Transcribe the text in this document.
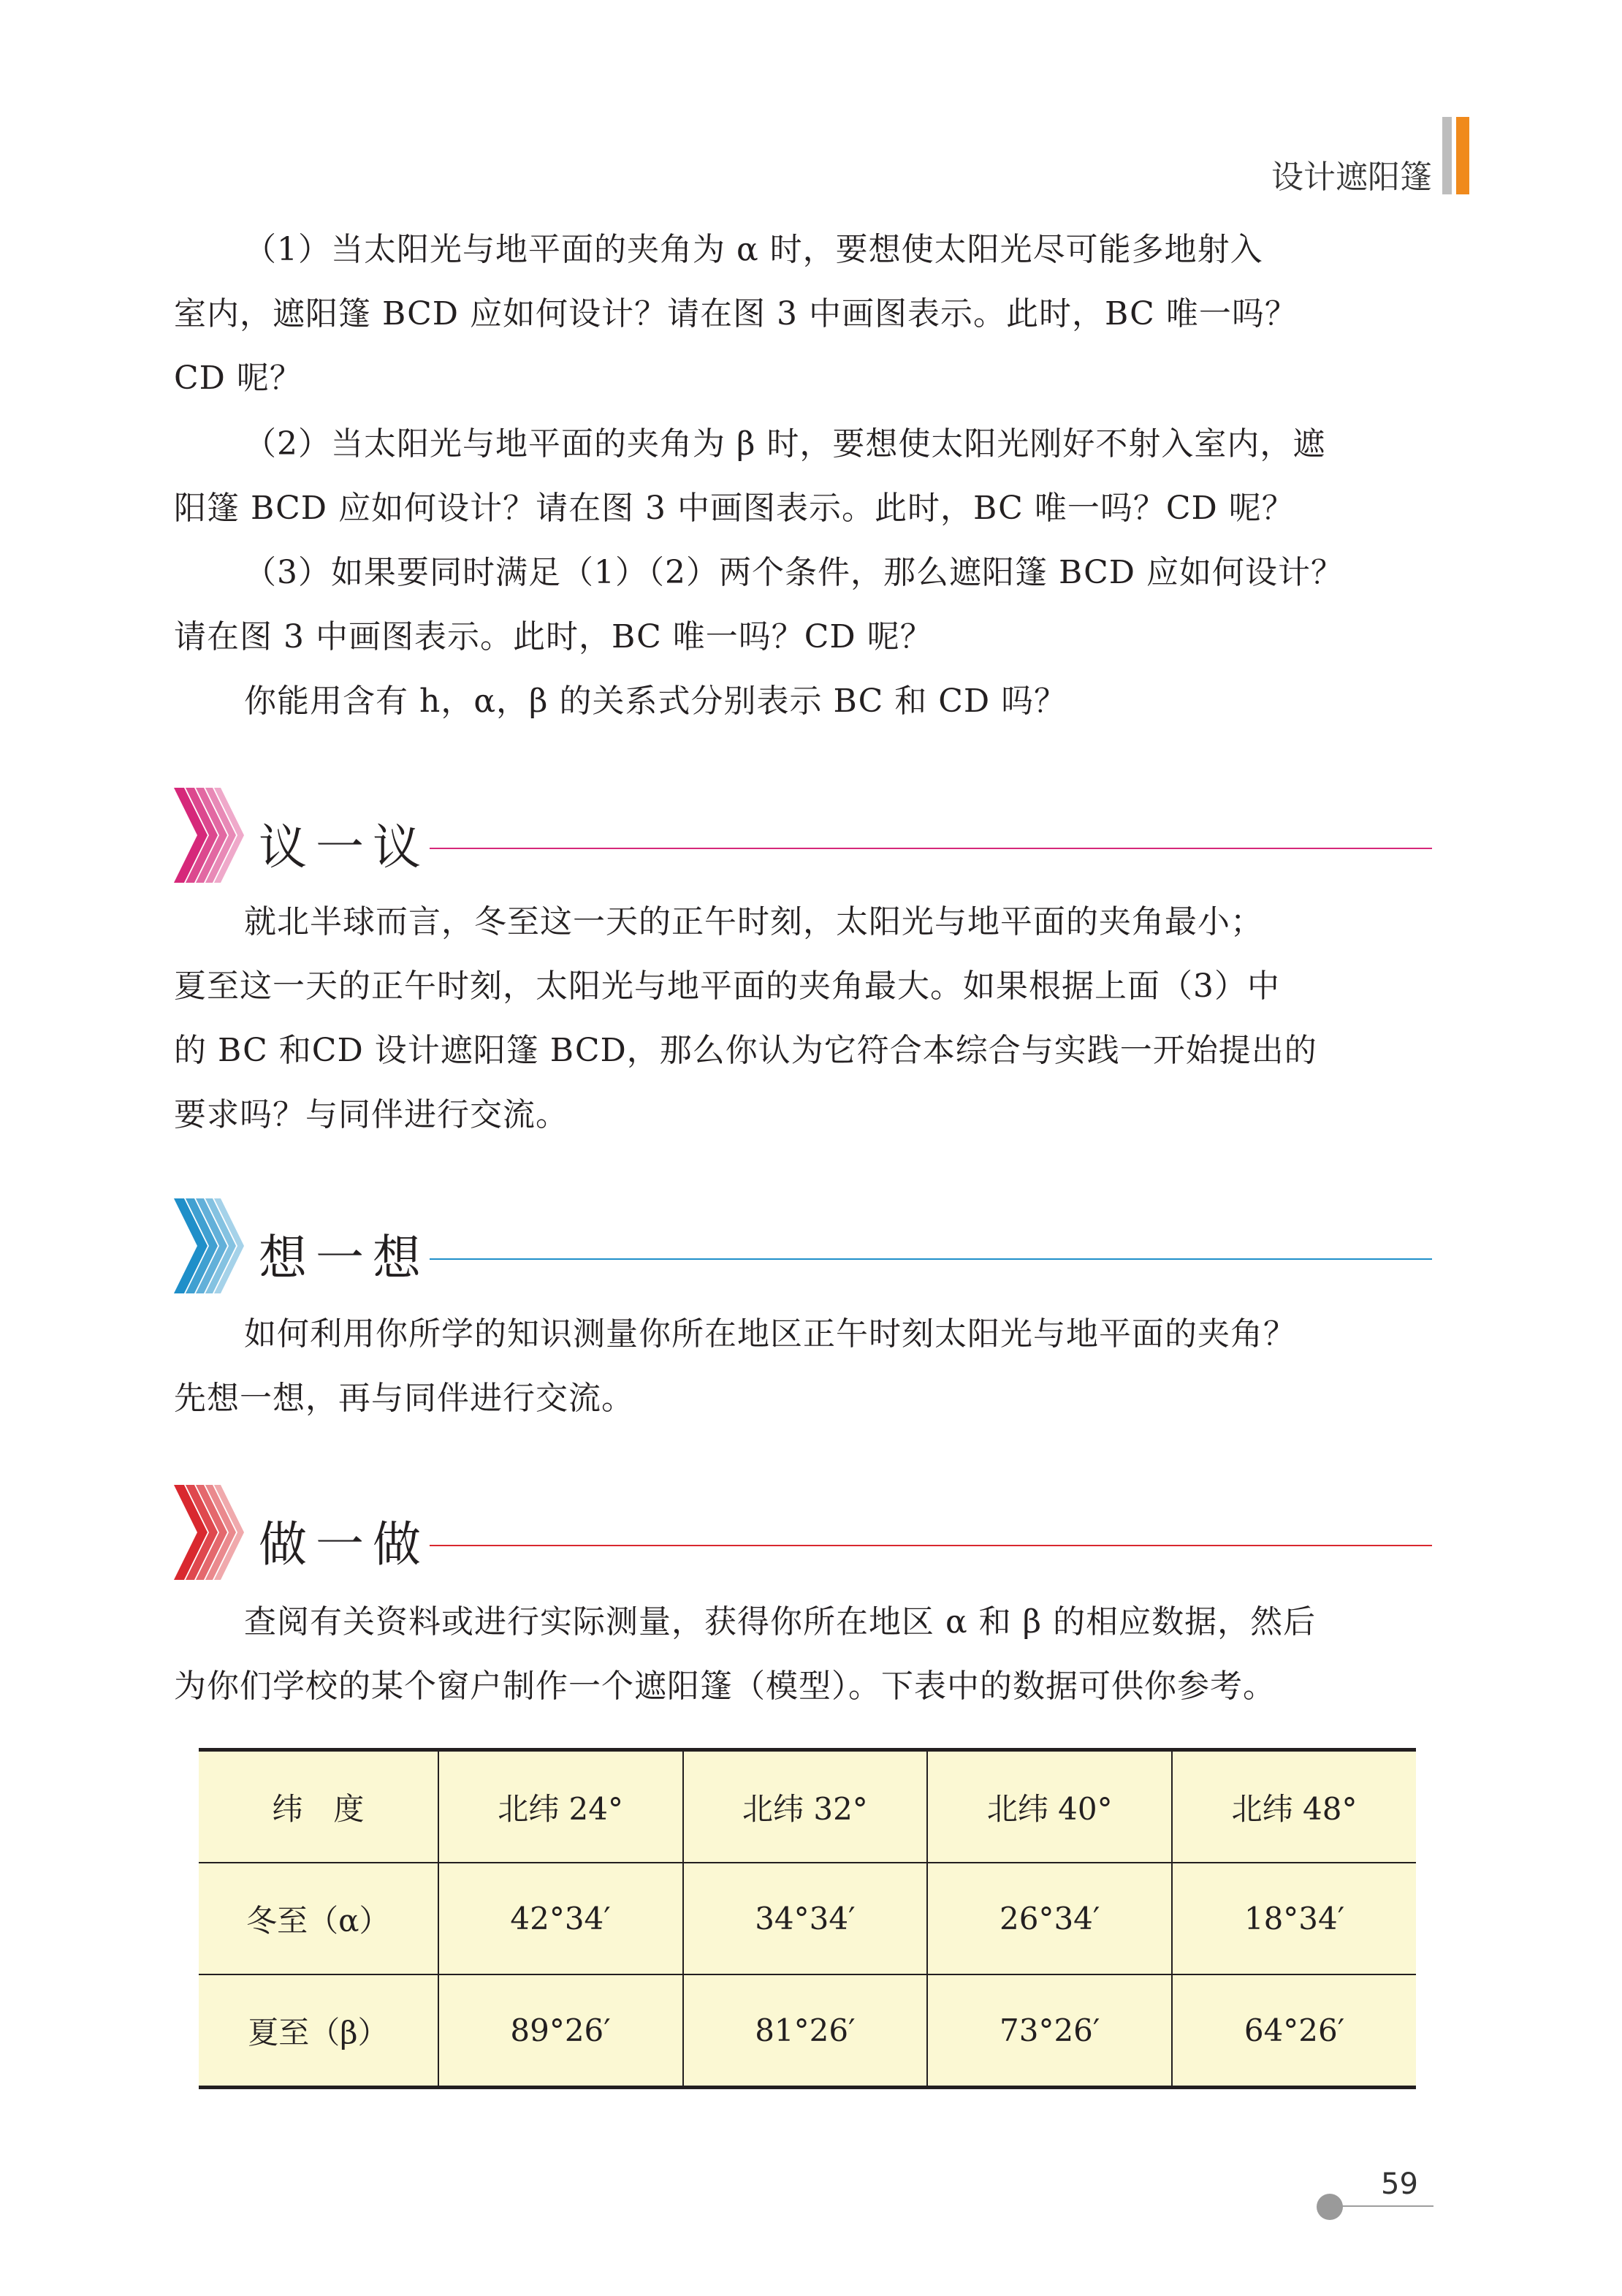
设计遮阳篷
（1）当太阳光与地平面的夹角为 α 时，要想使太阳光尽可能多地射入
室内，遮阳篷 BCD 应如何设计？请在图 3 中画图表示。此时，BC 唯一吗？
CD 呢？
（2）当太阳光与地平面的夹角为 β 时，要想使太阳光刚好不射入室内，遮
阳篷 BCD 应如何设计？请在图 3 中画图表示。此时，BC 唯一吗？CD 呢？
（3）如果要同时满足（1）（2）两个条件，那么遮阳篷 BCD 应如何设计？
请在图 3 中画图表示。此时，BC 唯一吗？CD 呢？
你能用含有 h，α，β 的关系式分别表示 BC 和 CD 吗？
议一议
就北半球而言，冬至这一天的正午时刻，太阳光与地平面的夹角最小；
夏至这一天的正午时刻，太阳光与地平面的夹角最大。如果根据上面（3）中
的 BC 和CD 设计遮阳篷 BCD，那么你认为它符合本综合与实践一开始提出的
要求吗？与同伴进行交流。
想一想
如何利用你所学的知识测量你所在地区正午时刻太阳光与地平面的夹角？
先想一想，再与同伴进行交流。
做一做
查阅有关资料或进行实际测量，获得你所在地区 α 和 β 的相应数据，然后
为你们学校的某个窗户制作一个遮阳篷（模型）。下表中的数据可供你参考。
纬　度	北纬 24°	北纬 32°	北纬 40°	北纬 48°
冬至（α）	42°34′	34°34′	26°34′	18°34′
夏至（β）	89°26′	81°26′	73°26′	64°26′
59
